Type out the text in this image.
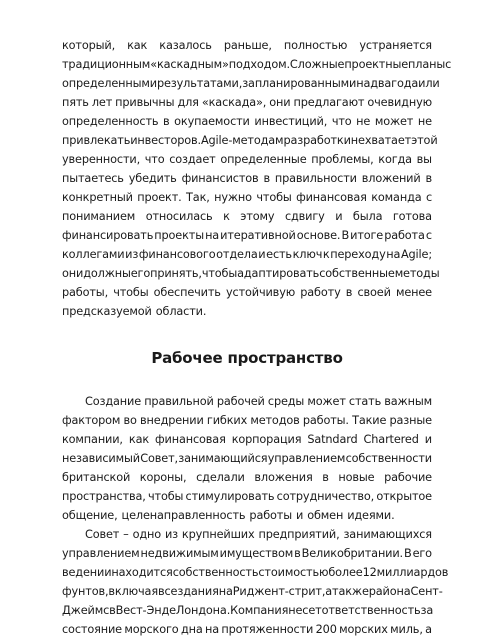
который, как казалось раньше, полностью устраняется
традиционным «каскадным» подходом. Сложные проектные планы с
определенными результатами, запланированными на два года или
пять лет привычны для «каскада», они предлагают очевидную
определенность в окупаемости инвестиций, что не может не
привлекать инвесторов. Agile-методам разработки не хватает этой
уверенности, что создает определенные проблемы, когда вы
пытаетесь убедить финансистов в правильности вложений в
конкретный проект. Так, нужно чтобы финансовая команда с
пониманием относилась к этому сдвигу и была готова
финансировать проекты на итеративной основе. В итоге работа с
коллегами из финансового отдела и есть ключ к переходу на Agile;
они должны его принять, чтобы адаптировать собственные методы
работы, чтобы обеспечить устойчивую работу в своей менее
предсказуемой области.
Рабочее пространство
Создание правильной рабочей среды может стать важным
фактором во внедрении гибких методов работы. Такие разные
компании, как финансовая корпорация Satndard Chartered и
независимый Совет, занимающийся управлением собственности
британской короны, сделали вложения в новые рабочие
пространства, чтобы стимулировать сотрудничество, открытое
общение, целенаправленность работы и обмен идеями.
Совет – одно из крупнейших предприятий, занимающихся
управлением недвижимым имуществом в Великобритании. В его
ведении находится собственность стоимостью более 12 миллиардов
фунтов, включая все здания на Риджент-стрит, а также района Сент-
Джеймс в Вест-Энде Лондона. Компания несет ответственность за
состояние морского дна на протяженности 200 морских миль, а
